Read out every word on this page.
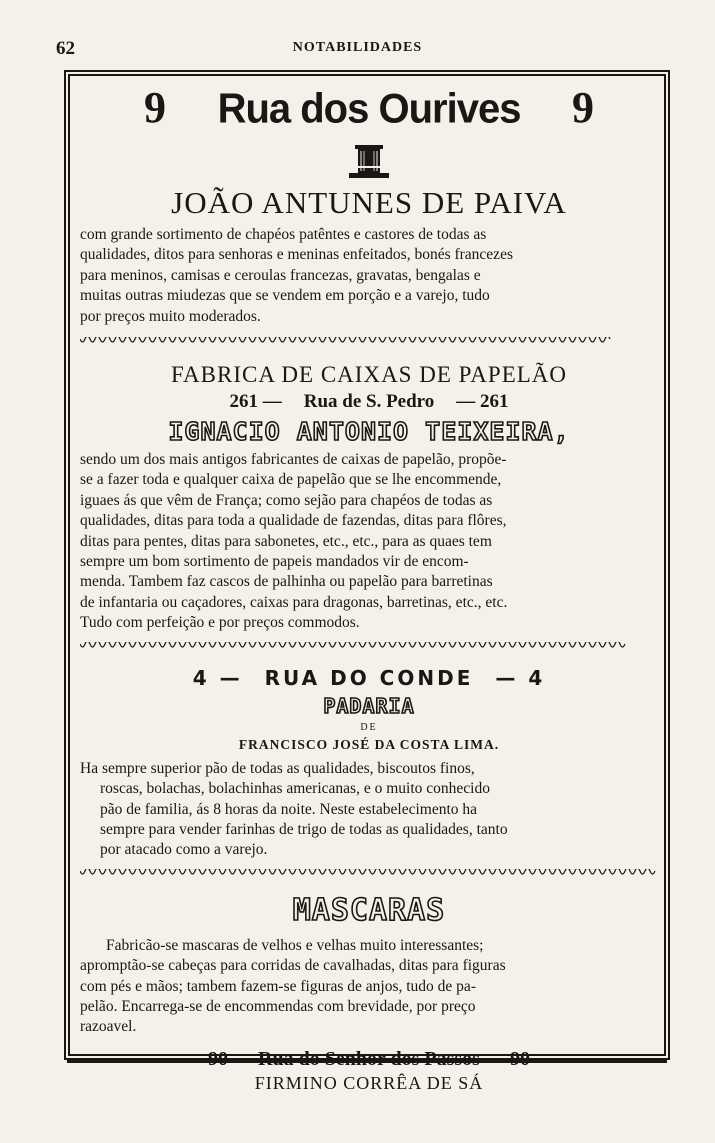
62	NOTABILIDADES
9 Rua dos Ourives 9

JOÃO ANTUNES DE PAIVA

com grande sortimento de chapéos patêntes e castores de todas as

qualidades, ditos para senhoras e meninas enfeitados, bonés francezes

para meninos, camisas e ceroulas francezas, gravatas, bengalas e

muitas outras miudezas que se vendem em porção e a varejo, tudo

por preços muito moderados.

FABRICA DE CAIXAS DE PAPELÃO

261 — Rua de S. Pedro — 261

IGNACIO ANTONIO TEIXEIRA,

sendo um dos mais antigos fabricantes de caixas de papelão, propõe-

se a fazer toda e qualquer caixa de papelão que se lhe encommende,

iguaes ás que vêm de França; como sejão para chapéos de todas as

qualidades, ditas para toda a qualidade de fazendas, ditas para flôres,

ditas para pentes, ditas para sabonetes, etc., etc., para as quaes tem

sempre um bom sortimento de papeis mandados vir de encom-

menda. Tambem faz cascos de palhinha ou papelão para barretinas

de infantaria ou caçadores, caixas para dragonas, barretinas, etc., etc.

Tudo com perfeição e por preços commodos.

4 — RUA DO CONDE — 4

PADARIA

DE

FRANCISCO JOSÉ DA COSTA LIMA.

Ha sempre superior pão de todas as qualidades, biscoutos finos,

roscas, bolachas, bolachinhas americanas, e o muito conhecido

pão de familia, ás 8 horas da noite. Neste estabelecimento ha

sempre para vender farinhas de trigo de todas as qualidades, tanto

por atacado como a varejo.

MASCARAS

Fabricão-se mascaras de velhos e velhas muito interessantes;

apromptão-se cabeças para corridas de cavalhadas, ditas para figuras

com pés e mãos; tambem fazem-se figuras de anjos, tudo de pa-

pelão. Encarrega-se de encommendas com brevidade, por preço

razoavel.

90 — Rua do Senhor dos Passos — 90

FIRMINO CORRÊA DE SÁ
